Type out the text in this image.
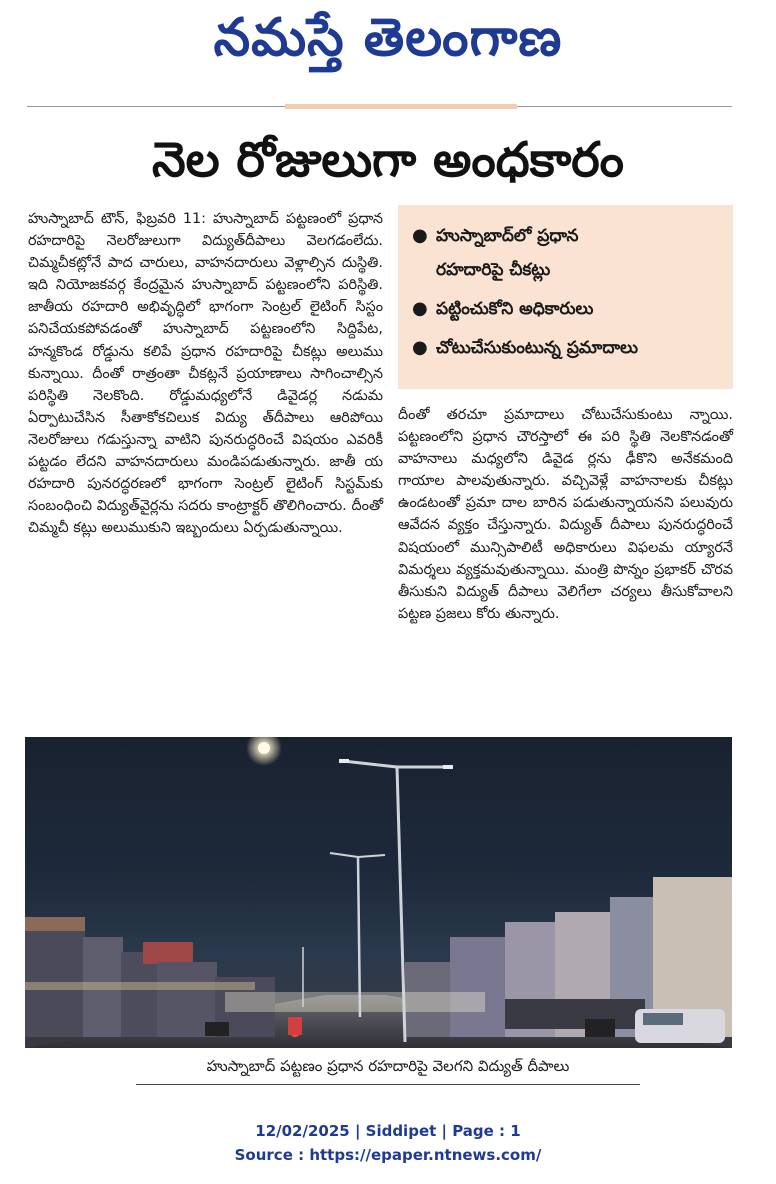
నమస్తే తెలంగాణ
నెల రోజులుగా అంధకారం
హుస్నాబాద్ టౌన్, ఫిబ్రవరి 11: హుస్నాబాద్ పట్టణంలో ప్రధాన రహదారిపై నెలరోజులుగా విద్యుత్‌దీపాలు వెలగడంలేదు. చిమ్మచీకట్లోనే పాద చారులు, వాహనదారులు వెళ్లాల్సిన దుస్థితి. ఇది నియోజకవర్గ కేంద్రమైన హుస్నాబాద్ పట్టణంలోని పరిస్థితి. జాతీయ రహదారి అభివృద్ధిలో భాగంగా సెంట్రల్ లైటింగ్ సిస్టం పనిచేయకపోవడంతో హుస్నాబాద్ పట్టణంలోని సిద్దిపేట, హన్మకొండ రోడ్డును కలిపే ప్రధాన రహదారిపై చీకట్లు అలుము కున్నాయి. దీంతో రాత్రంతా చీకట్లనే ప్రయాణాలు సాగించాల్సిన పరిస్థితి నెలకొంది. రోడ్డుమధ్యలోనే డివైడర్ల నడుమ ఏర్పాటుచేసిన సీతాకోకచిలుక విద్యు త్‌దీపాలు ఆరిపోయి నెలరోజులు గడుస్తున్నా వాటిని పునరుద్ధరించే విషయం ఎవరికీ పట్టడం లేదని వాహనదారులు మండిపడుతున్నారు. జాతీ య రహదారి పునరద్ధరణలో భాగంగా సెంట్రల్ లైటింగ్ సిస్టమ్‌కు సంబంధించి విద్యుత్‌వైర్లను సదరు కాంట్రాక్టర్ తొలిగించారు. దీంతో చిమ్మచీ కట్లు అలుముకుని ఇబ్బందులు ఏర్పడుతున్నాయి.
● హుస్నాబాద్‌లో ప్రధాన
రహదారిపై చీకట్లు
● పట్టించుకోని అధికారులు
● చోటుచేసుకుంటున్న ప్రమాదాలు
దీంతో తరచూ ప్రమాదాలు చోటుచేసుకుంటు న్నాయి. పట్టణంలోని ప్రధాన చౌరస్తాలో ఈ పరి స్థితి నెలకొనడంతో వాహనాలు మధ్యలోని డివైడ ర్లను ఢీకొని అనేకమంది గాయాల పాలవుతున్నారు. వచ్చివెళ్లే వాహనాలకు చీకట్లు ఉండటంతో ప్రమా దాల బారిన పడుతున్నాయనని పలువురు ఆవేదన వ్యక్తం చేస్తున్నారు. విద్యుత్ దీపాలు పునరుద్ధరించే విషయంలో మున్సిపాలిటీ అధికారులు విఫలమ య్యారనే విమర్శలు వ్యక్తమవుతున్నాయి. మంత్రి పొన్నం ప్రభాకర్ చొరవ తీసుకుని విద్యుత్ దీపాలు వెలిగేలా చర్యలు తీసుకోవాలని పట్టణ ప్రజలు కోరు తున్నారు.
హుస్నాబాద్ పట్టణం ప్రధాన రహదారిపై వెలగని విద్యుత్ దీపాలు
12/02/2025 | Siddipet | Page : 1
Source : https://epaper.ntnews.com/
